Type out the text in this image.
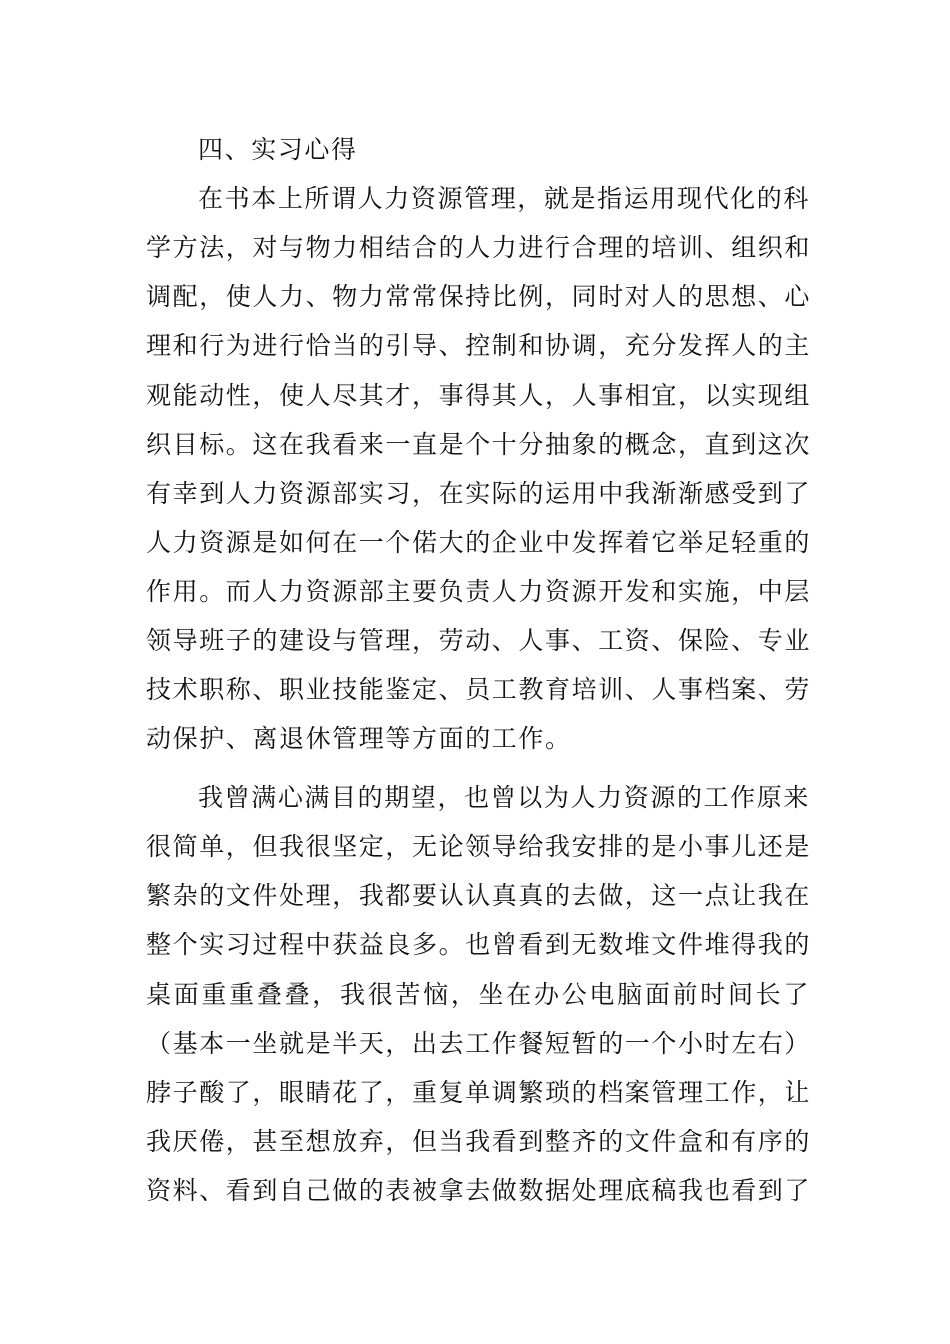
四、实习心得
在书本上所谓人力资源管理，就是指运用现代化的科
学方法，对与物力相结合的人力进行合理的培训、组织和
调配，使人力、物力常常保持比例，同时对人的思想、心
理和行为进行恰当的引导、控制和协调，充分发挥人的主
观能动性，使人尽其才，事得其人，人事相宜，以实现组
织目标。这在我看来一直是个十分抽象的概念，直到这次
有幸到人力资源部实习，在实际的运用中我渐渐感受到了
人力资源是如何在一个偌大的企业中发挥着它举足轻重的
作用。而人力资源部主要负责人力资源开发和实施，中层
领导班子的建设与管理，劳动、人事、工资、保险、专业
技术职称、职业技能鉴定、员工教育培训、人事档案、劳
动保护、离退休管理等方面的工作。
我曾满心满目的期望，也曾以为人力资源的工作原来
很简单，但我很坚定，无论领导给我安排的是小事儿还是
繁杂的文件处理，我都要认认真真的去做，这一点让我在
整个实习过程中获益良多。也曾看到无数堆文件堆得我的
桌面重重叠叠，我很苦恼，坐在办公电脑面前时间长了
（基本一坐就是半天，出去工作餐短暂的一个小时左右）
脖子酸了，眼睛花了，重复单调繁琐的档案管理工作，让
我厌倦，甚至想放弃，但当我看到整齐的文件盒和有序的
资料、看到自己做的表被拿去做数据处理底稿我也看到了
